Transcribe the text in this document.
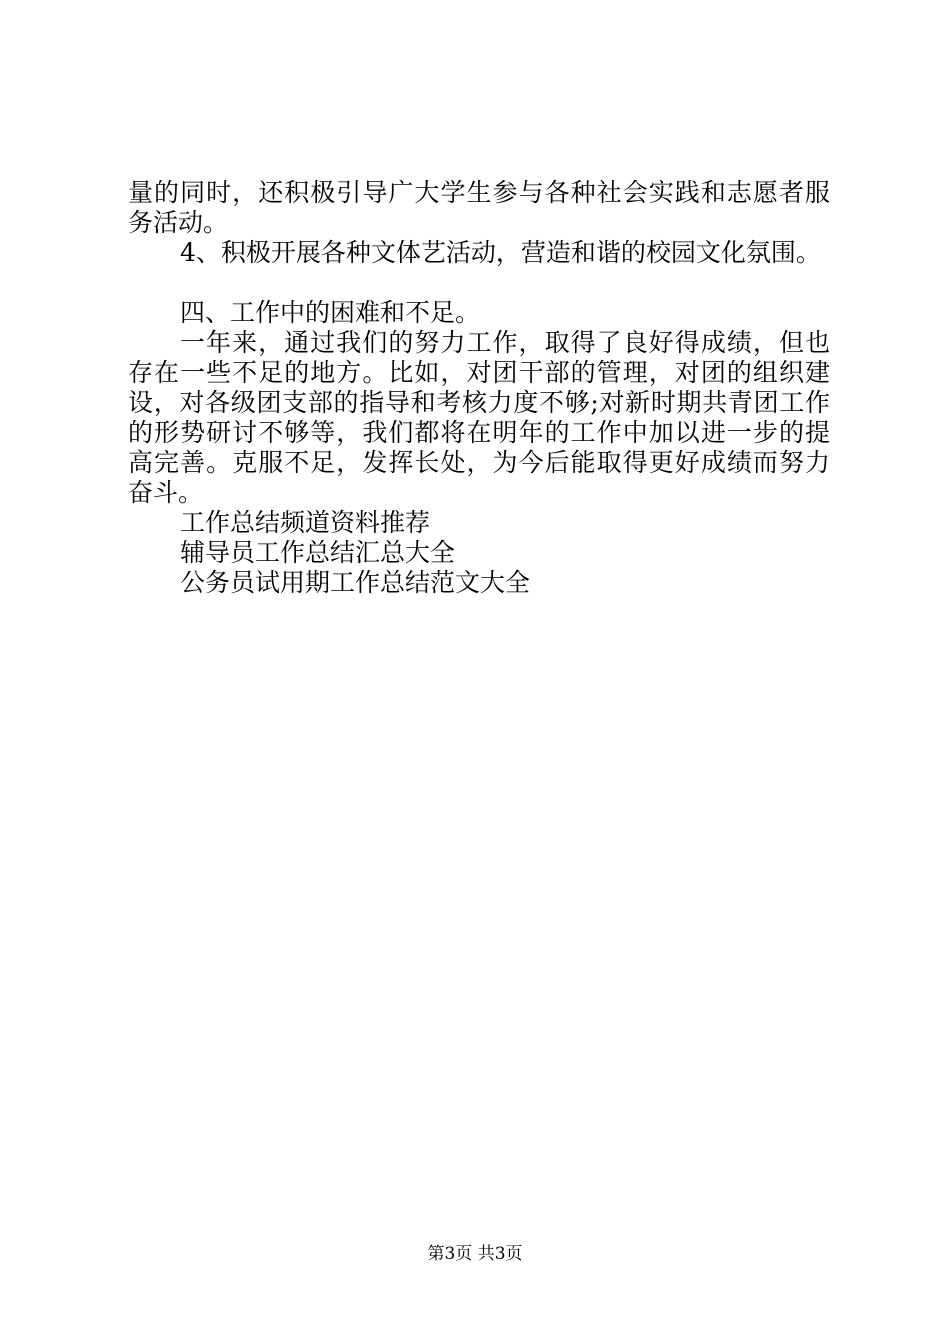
量的同时，还积极引导广大学生参与各种社会实践和志愿者服
务活动。
4、积极开展各种文体艺活动，营造和谐的校园文化氛围。
四、工作中的困难和不足。
一年来，通过我们的努力工作，取得了良好得成绩，但也
存在一些不足的地方。比如，对团干部的管理，对团的组织建
设，对各级团支部的指导和考核力度不够;对新时期共青团工作
的形势研讨不够等，我们都将在明年的工作中加以进一步的提
高完善。克服不足，发挥长处，为今后能取得更好成绩而努力
奋斗。
工作总结频道资料推荐
辅导员工作总结汇总大全
公务员试用期工作总结范文大全
第3页 共3页
